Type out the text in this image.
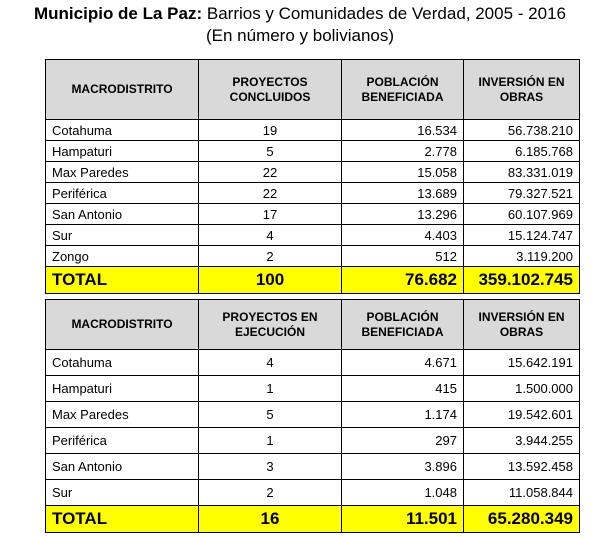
Municipio de La Paz: Barrios y Comunidades de Verdad, 2005 - 2016
(En número y bolivianos)
MACRODISTRITO	PROYECTOS CONCLUIDOS	POBLACIÓN BENEFICIADA	INVERSIÓN EN OBRAS
Cotahuma	19	16.534	56.738.210
Hampaturi	5	2.778	6.185.768
Max Paredes	22	15.058	83.331.019
Periférica	22	13.689	79.327.521
San Antonio	17	13.296	60.107.969
Sur	4	4.403	15.124.747
Zongo	2	512	3.119.200
TOTAL	100	76.682	359.102.745
MACRODISTRITO	PROYECTOS EN EJECUCIÓN	POBLACIÓN BENEFICIADA	INVERSIÓN EN OBRAS
Cotahuma	4	4.671	15.642.191
Hampaturi	1	415	1.500.000
Max Paredes	5	1.174	19.542.601
Periférica	1	297	3.944.255
San Antonio	3	3.896	13.592.458
Sur	2	1.048	11.058.844
TOTAL	16	11.501	65.280.349
